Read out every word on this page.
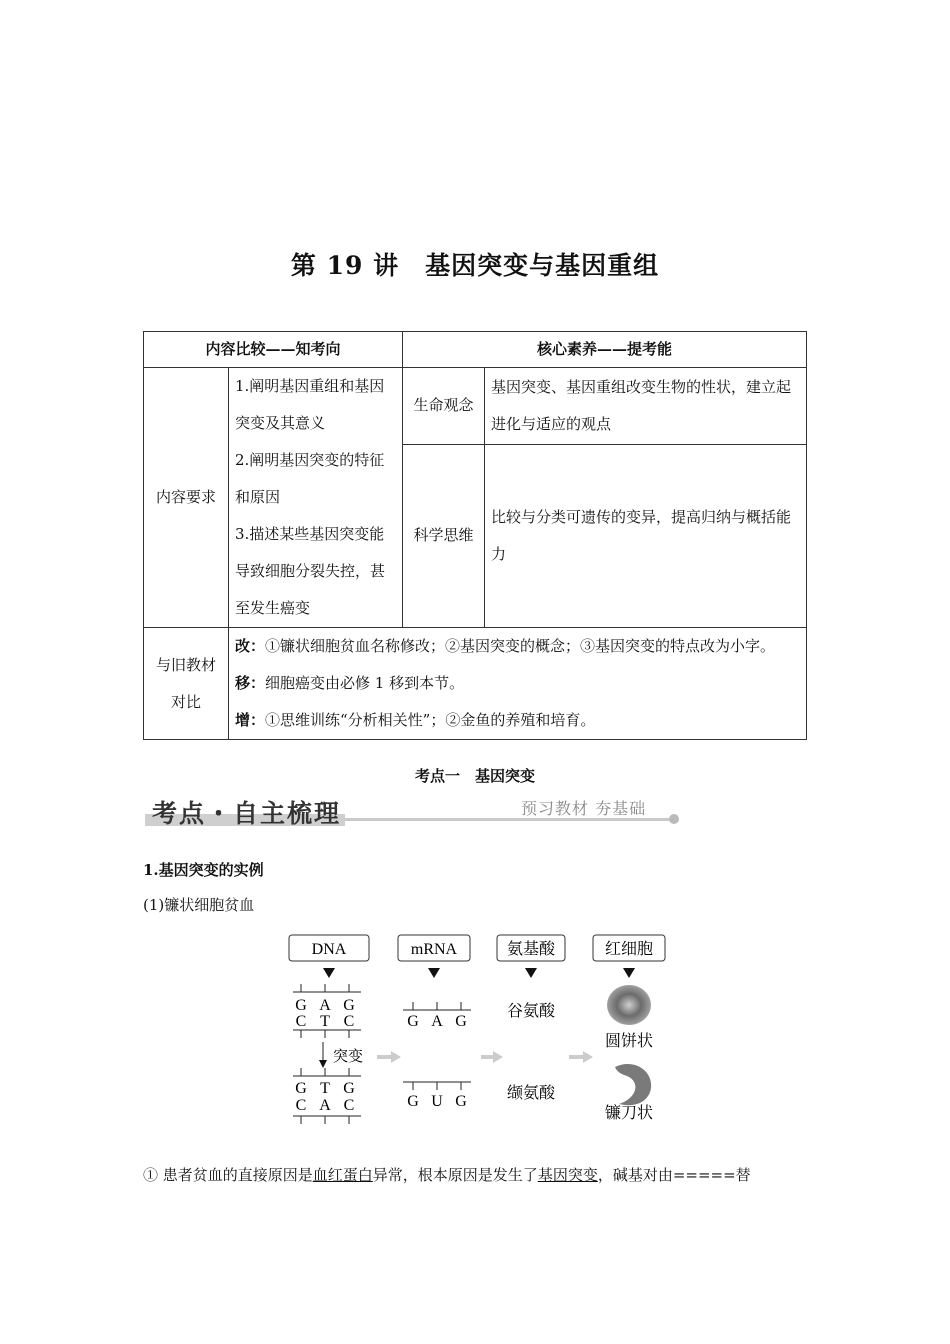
第 19 讲　基因突变与基因重组
内容比较——知考向		核心素养——提考能	
内容要求	1.阐明基因重组和基因突变及其意义
2.阐明基因突变的特征和原因
3.描述某些基因突变能导致细胞分裂失控，甚至发生癌变	生命观念	基因突变、基因重组改变生物的性状，建立起进化与适应的观点
		科学思维	比较与分类可遗传的变异，提高归纳与概括能力
与旧教材对比	改：①镰状细胞贫血名称修改；②基因突变的概念；③基因突变的特点改为小字。
移：细胞癌变由必修 1 移到本节。
增：①思维训练“分析相关性”；②金鱼的养殖和培育。		
考点一　基因突变
考点・自主梳理	预习教材 夯基础
1.基因突变的实例
(1)镰状细胞贫血
DNA	mRNA	氨基酸	红细胞
G A G
C T C
G T G
C A C
G A G
G U G
突变
谷氨酸
缬氨酸
圆饼状
镰刀状
① 患者贫血的直接原因是血红蛋白异常，根本原因是发生了基因突变，碱基对由=====替
